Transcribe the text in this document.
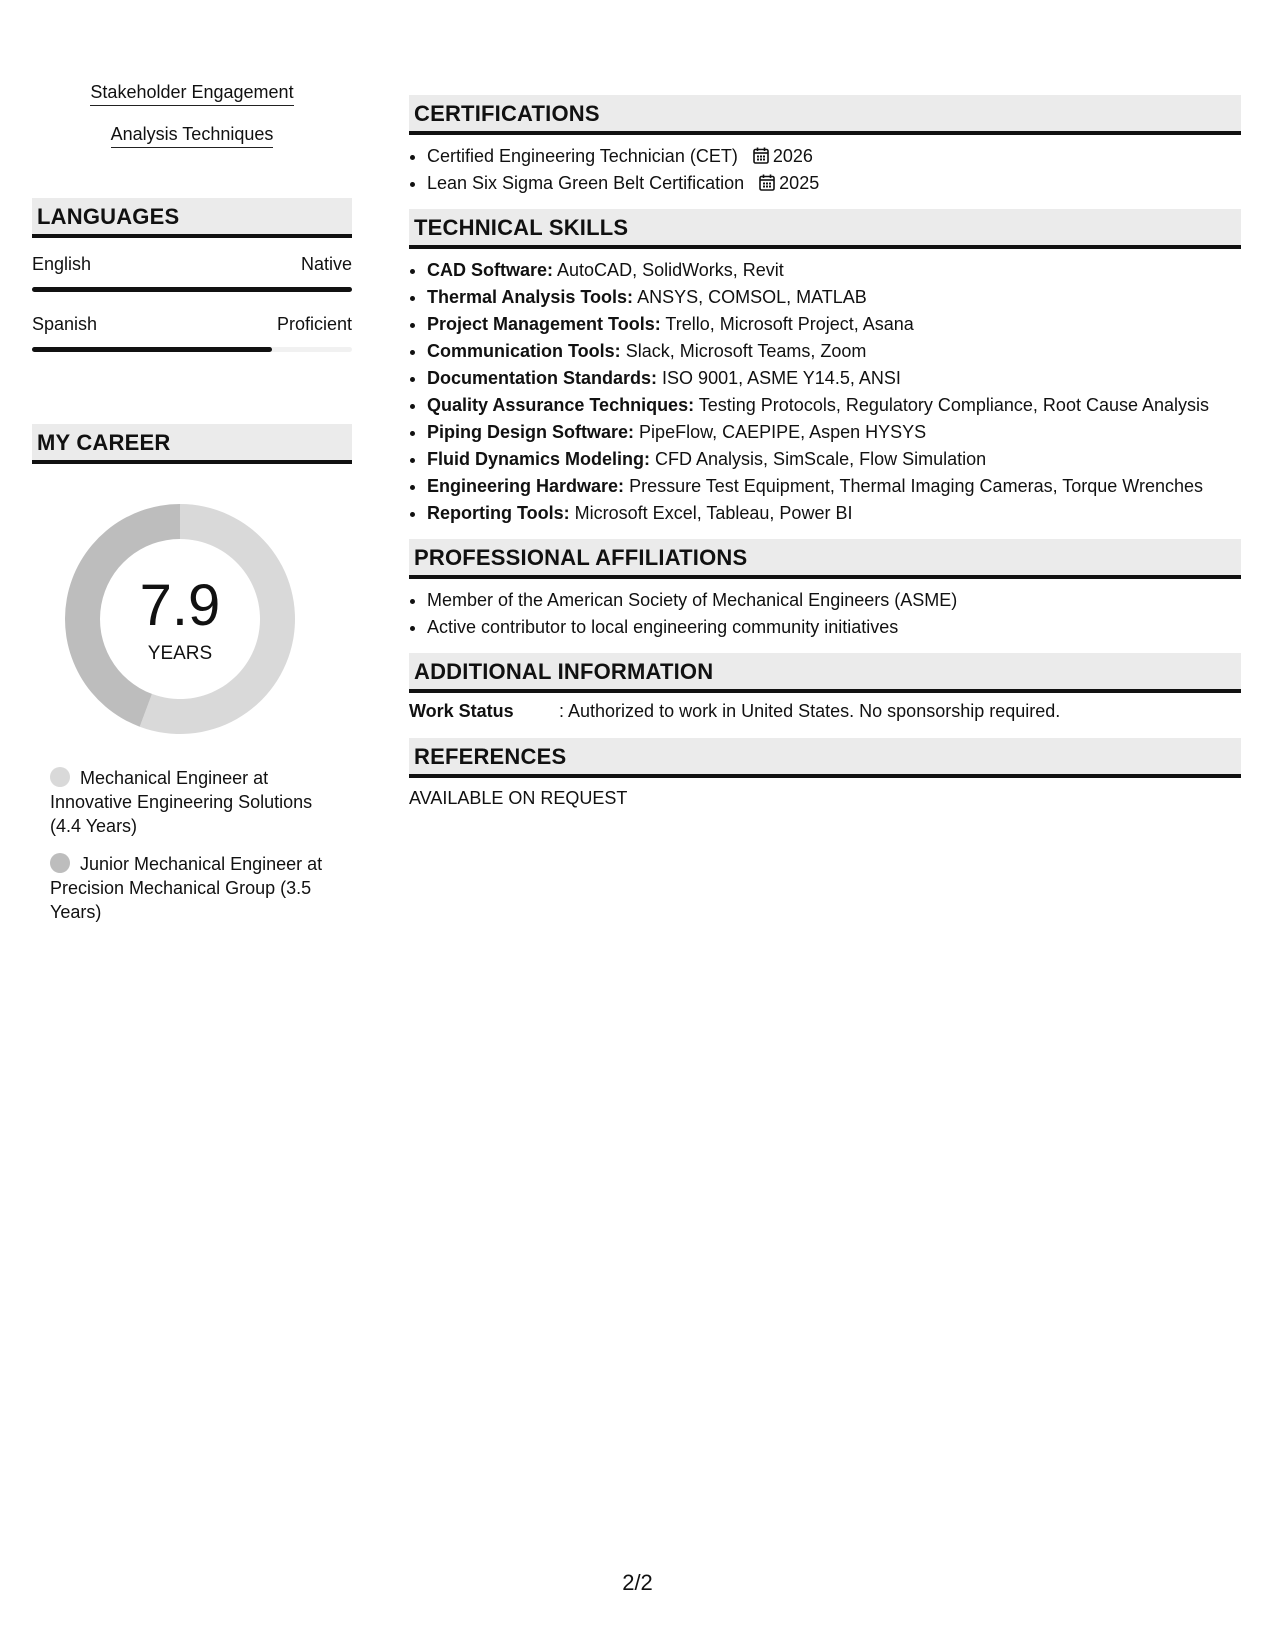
Stakeholder Engagement
Analysis Techniques
LANGUAGES
English	Native
Spanish	Proficient
MY CAREER
7.9
YEARS
Mechanical Engineer at Innovative Engineering Solutions (4.4 Years)
Junior Mechanical Engineer at Precision Mechanical Group (3.5 Years)
CERTIFICATIONS
• Certified Engineering Technician (CET) 2026
• Lean Six Sigma Green Belt Certification 2025
TECHNICAL SKILLS
• CAD Software: AutoCAD, SolidWorks, Revit
• Thermal Analysis Tools: ANSYS, COMSOL, MATLAB
• Project Management Tools: Trello, Microsoft Project, Asana
• Communication Tools: Slack, Microsoft Teams, Zoom
• Documentation Standards: ISO 9001, ASME Y14.5, ANSI
• Quality Assurance Techniques: Testing Protocols, Regulatory Compliance, Root Cause Analysis
• Piping Design Software: PipeFlow, CAEPIPE, Aspen HYSYS
• Fluid Dynamics Modeling: CFD Analysis, SimScale, Flow Simulation
• Engineering Hardware: Pressure Test Equipment, Thermal Imaging Cameras, Torque Wrenches
• Reporting Tools: Microsoft Excel, Tableau, Power BI
PROFESSIONAL AFFILIATIONS
• Member of the American Society of Mechanical Engineers (ASME)
• Active contributor to local engineering community initiatives
ADDITIONAL INFORMATION
Work Status	: Authorized to work in United States. No sponsorship required.
REFERENCES
AVAILABLE ON REQUEST
2/2
